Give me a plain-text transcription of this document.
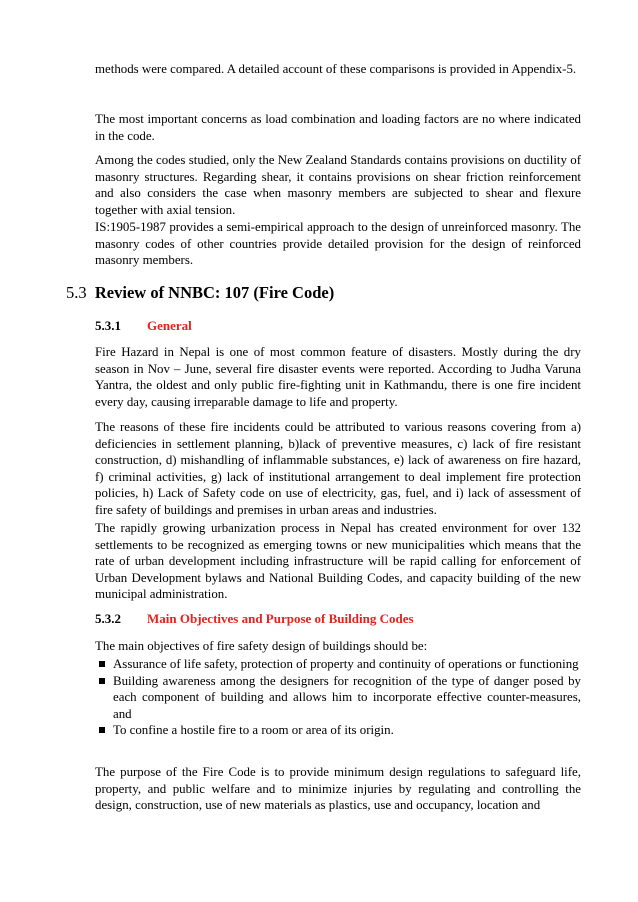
methods were compared. A detailed account of these comparisons is provided in Appendix-5.

The most important concerns as load combination and loading factors are no where indicated in the code.

Among the codes studied, only the New Zealand Standards contains provisions on ductility of masonry structures. Regarding shear, it contains provisions on shear friction reinforcement and also considers the case when masonry members are subjected to shear and flexure together with axial tension.

IS:1905-1987 provides a semi-empirical approach to the design of unreinforced masonry. The masonry codes of other countries provide detailed provision for the design of reinforced masonry members.

5.3 Review of NNBC: 107 (Fire Code)
5.3.1 General

Fire Hazard in Nepal is one of most common feature of disasters. Mostly during the dry season in Nov – June, several fire disaster events were reported. According to Judha Varuna Yantra, the oldest and only public fire-fighting unit in Kathmandu, there is one fire incident every day, causing irreparable damage to life and property.

The reasons of these fire incidents could be attributed to various reasons covering from a) deficiencies in settlement planning, b)lack of preventive measures, c) lack of fire resistant construction, d) mishandling of inflammable substances, e) lack of awareness on fire hazard, f) criminal activities, g) lack of institutional arrangement to deal implement fire protection policies, h) Lack of Safety code on use of electricity, gas, fuel, and i) lack of assessment of fire safety of buildings and premises in urban areas and industries.

The rapidly growing urbanization process in Nepal has created environment for over 132 settlements to be recognized as emerging towns or new municipalities which means that the rate of urban development including infrastructure will be rapid calling for enforcement of Urban Development bylaws and National Building Codes, and capacity building of the new municipal administration.

5.3.2 Main Objectives and Purpose of Building Codes

The main objectives of fire safety design of buildings should be:

Assurance of life safety, protection of property and continuity of operations or functioning
Building awareness among the designers for recognition of the type of danger posed by each component of building and allows him to incorporate effective counter-measures, and
To confine a hostile fire to a room or area of its origin.

The purpose of the Fire Code is to provide minimum design regulations to safeguard life, property, and public welfare and to minimize injuries by regulating and controlling the design, construction, use of new materials as plastics, use and occupancy, location and
